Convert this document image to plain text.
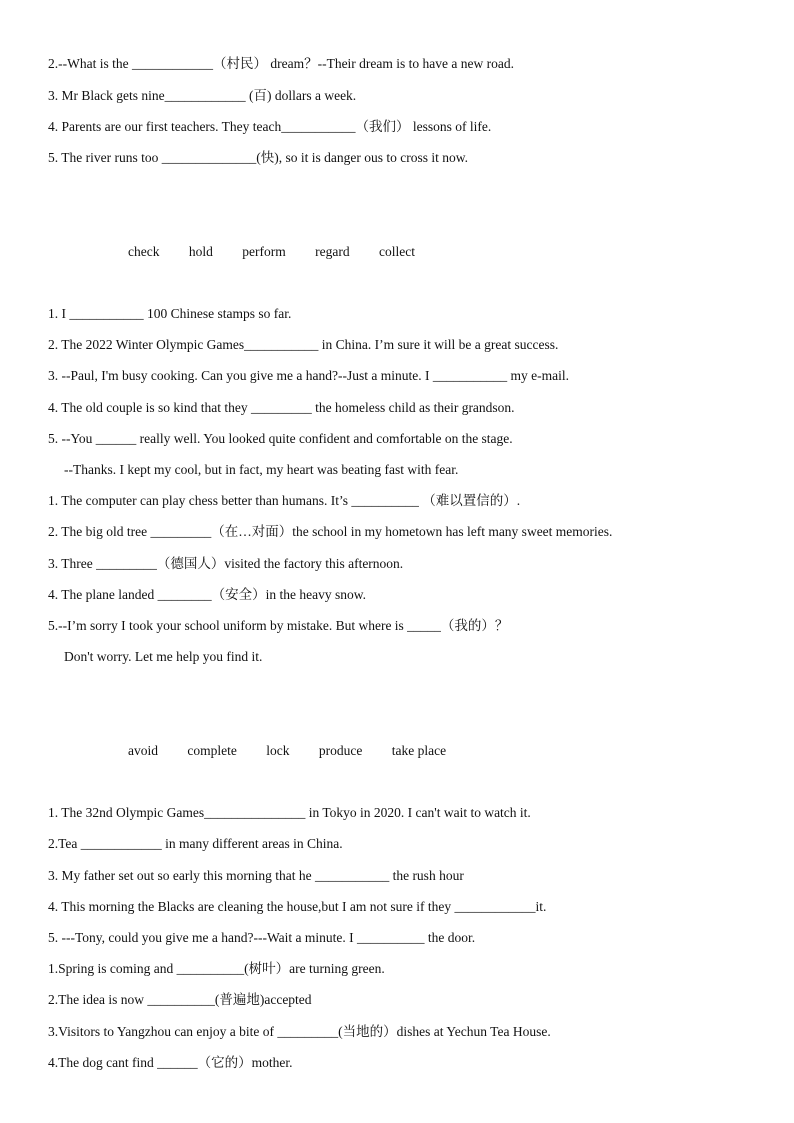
2.--What is the ____________（村民） dream？--Their dream is to have a new road.
3. Mr Black gets nine____________ (百) dollars a week.
4. Parents are our first teachers. They teach___________（我们） lessons of life.
5. The river runs too ______________(快), so it is danger ous to cross it now.
check hold perform regard collect
1. I ___________ 100 Chinese stamps so far.
2. The 2022 Winter Olympic Games___________ in China. I’m sure it will be a great success.
3. --Paul, I'm busy cooking. Can you give me a hand?--Just a minute. I ___________ my e-mail.
4. The old couple is so kind that they _________ the homeless child as their grandson.
5. --You ______ really well. You looked quite confident and comfortable on the stage.
--Thanks. I kept my cool, but in fact, my heart was beating fast with fear.
1. The computer can play chess better than humans. It’s __________ （难以置信的）.
2. The big old tree _________（在…对面）the school in my hometown has left many sweet memories.
3. Three _________（德国人）visited the factory this afternoon.
4. The plane landed ________（安全）in the heavy snow.
5.--I’m sorry I took your school uniform by mistake. But where is _____（我的）？
Don't worry. Let me help you find it.
avoid complete lock produce take place
1. The 32nd Olympic Games_______________ in Tokyo in 2020. I can't wait to watch it.
2.Tea ____________ in many different areas in China.
3. My father set out so early this morning that he ___________ the rush hour
4. This morning the Blacks are cleaning the house,but I am not sure if they ____________it.
5. ---Tony, could you give me a hand?---Wait a minute. I __________ the door.
1.Spring is coming and __________(树叶）are turning green.
2.The idea is now __________(普遍地)accepted
3.Visitors to Yangzhou can enjoy a bite of _________(当地的）dishes at Yechun Tea House.
4.The dog cant find ______（它的）mother.
